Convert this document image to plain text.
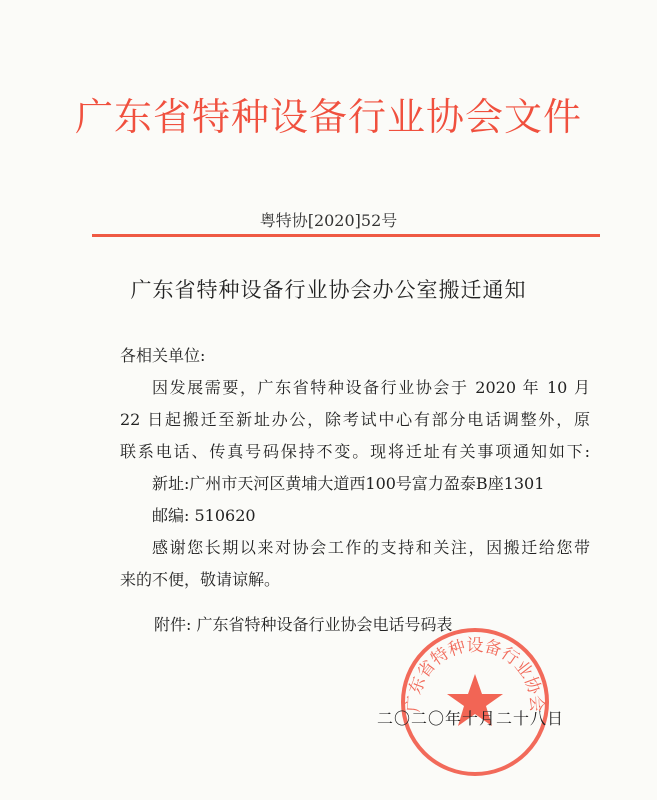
广东省特种设备行业协会文件
粤特协[2020]52号
广东省特种设备行业协会办公室搬迁通知
各相关单位:
因发展需要，广东省特种设备行业协会于 2020 年 10 月
22 日起搬迁至新址办公，除考试中心有部分电话调整外，原
联系电话、传真号码保持不变。现将迁址有关事项通知如下:
新址:广州市天河区黄埔大道西100号富力盈泰B座1301
邮编: 510620
感谢您长期以来对协会工作的支持和关注，因搬迁给您带
来的不便，敬请谅解。
附件: 广东省特种设备行业协会电话号码表
广东省特种设备行业协会
二〇二〇年十月二十八日
